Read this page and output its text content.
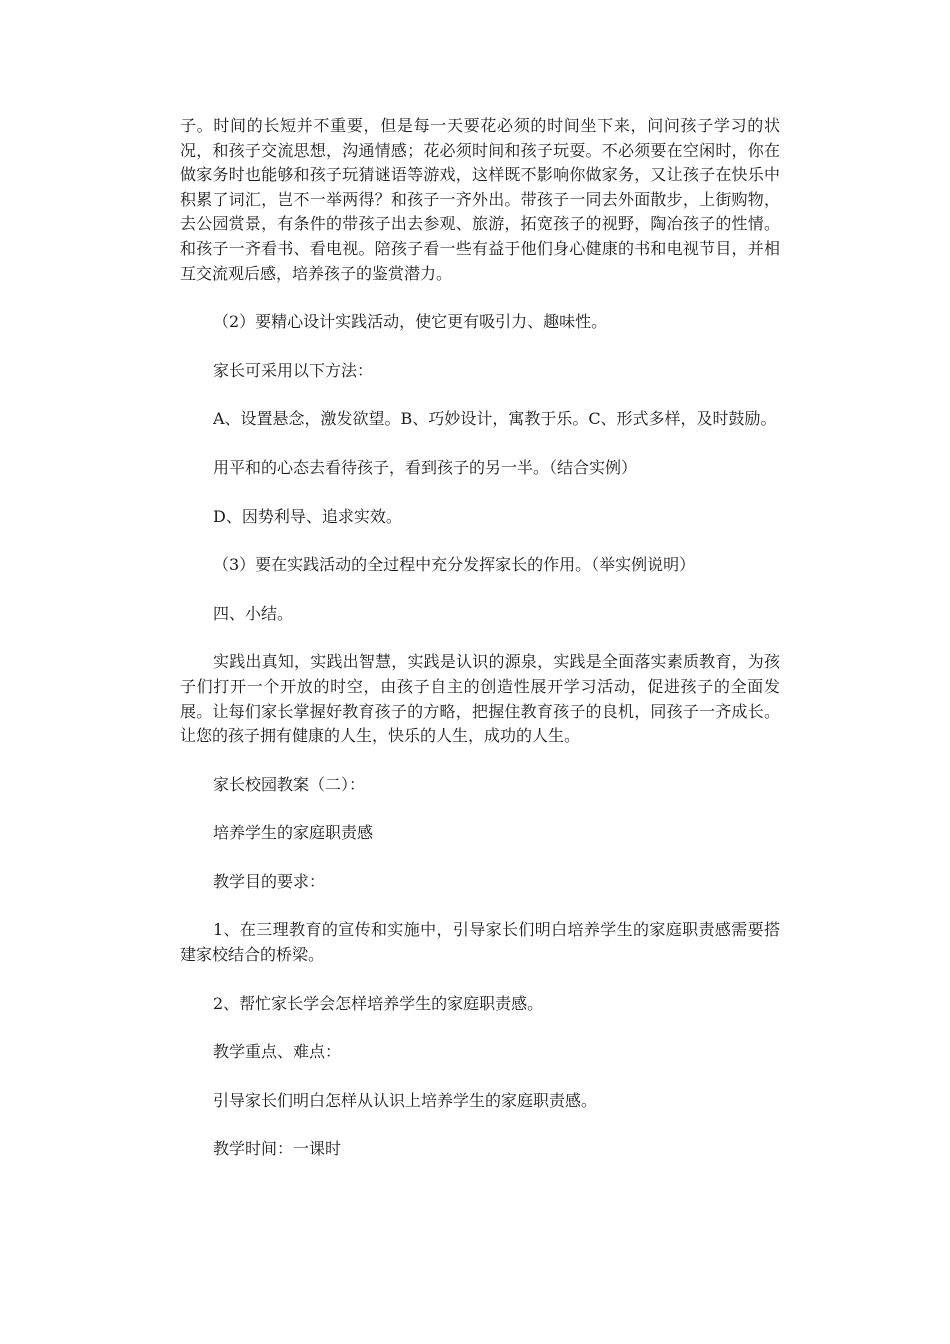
子。时间的长短并不重要，但是每一天要花必须的时间坐下来，问问孩子学习的状况，和孩子交流思想，沟通情感；花必须时间和孩子玩耍。不必须要在空闲时，你在做家务时也能够和孩子玩猜谜语等游戏，这样既不影响你做家务，又让孩子在快乐中积累了词汇，岂不一举两得？和孩子一齐外出。带孩子一同去外面散步，上街购物，去公园赏景，有条件的带孩子出去参观、旅游，拓宽孩子的视野，陶冶孩子的性情。和孩子一齐看书、看电视。陪孩子看一些有益于他们身心健康的书和电视节目，并相互交流观后感，培养孩子的鉴赏潜力。

（2）要精心设计实践活动，使它更有吸引力、趣味性。

家长可采用以下方法：

A、设置悬念，激发欲望。B、巧妙设计，寓教于乐。C、形式多样，及时鼓励。

用平和的心态去看待孩子，看到孩子的另一半。（结合实例）

D、因势利导、追求实效。

（3）要在实践活动的全过程中充分发挥家长的作用。（举实例说明）

四、小结。

实践出真知，实践出智慧，实践是认识的源泉，实践是全面落实素质教育，为孩子们打开一个开放的时空，由孩子自主的创造性展开学习活动，促进孩子的全面发展。让每们家长掌握好教育孩子的方略，把握住教育孩子的良机，同孩子一齐成长。让您的孩子拥有健康的人生，快乐的人生，成功的人生。

家长校园教案（二）：

培养学生的家庭职责感

教学目的要求：

1、在三理教育的宣传和实施中，引导家长们明白培养学生的家庭职责感需要搭建家校结合的桥梁。

2、帮忙家长学会怎样培养学生的家庭职责感。

教学重点、难点：

引导家长们明白怎样从认识上培养学生的家庭职责感。

教学时间：一课时
